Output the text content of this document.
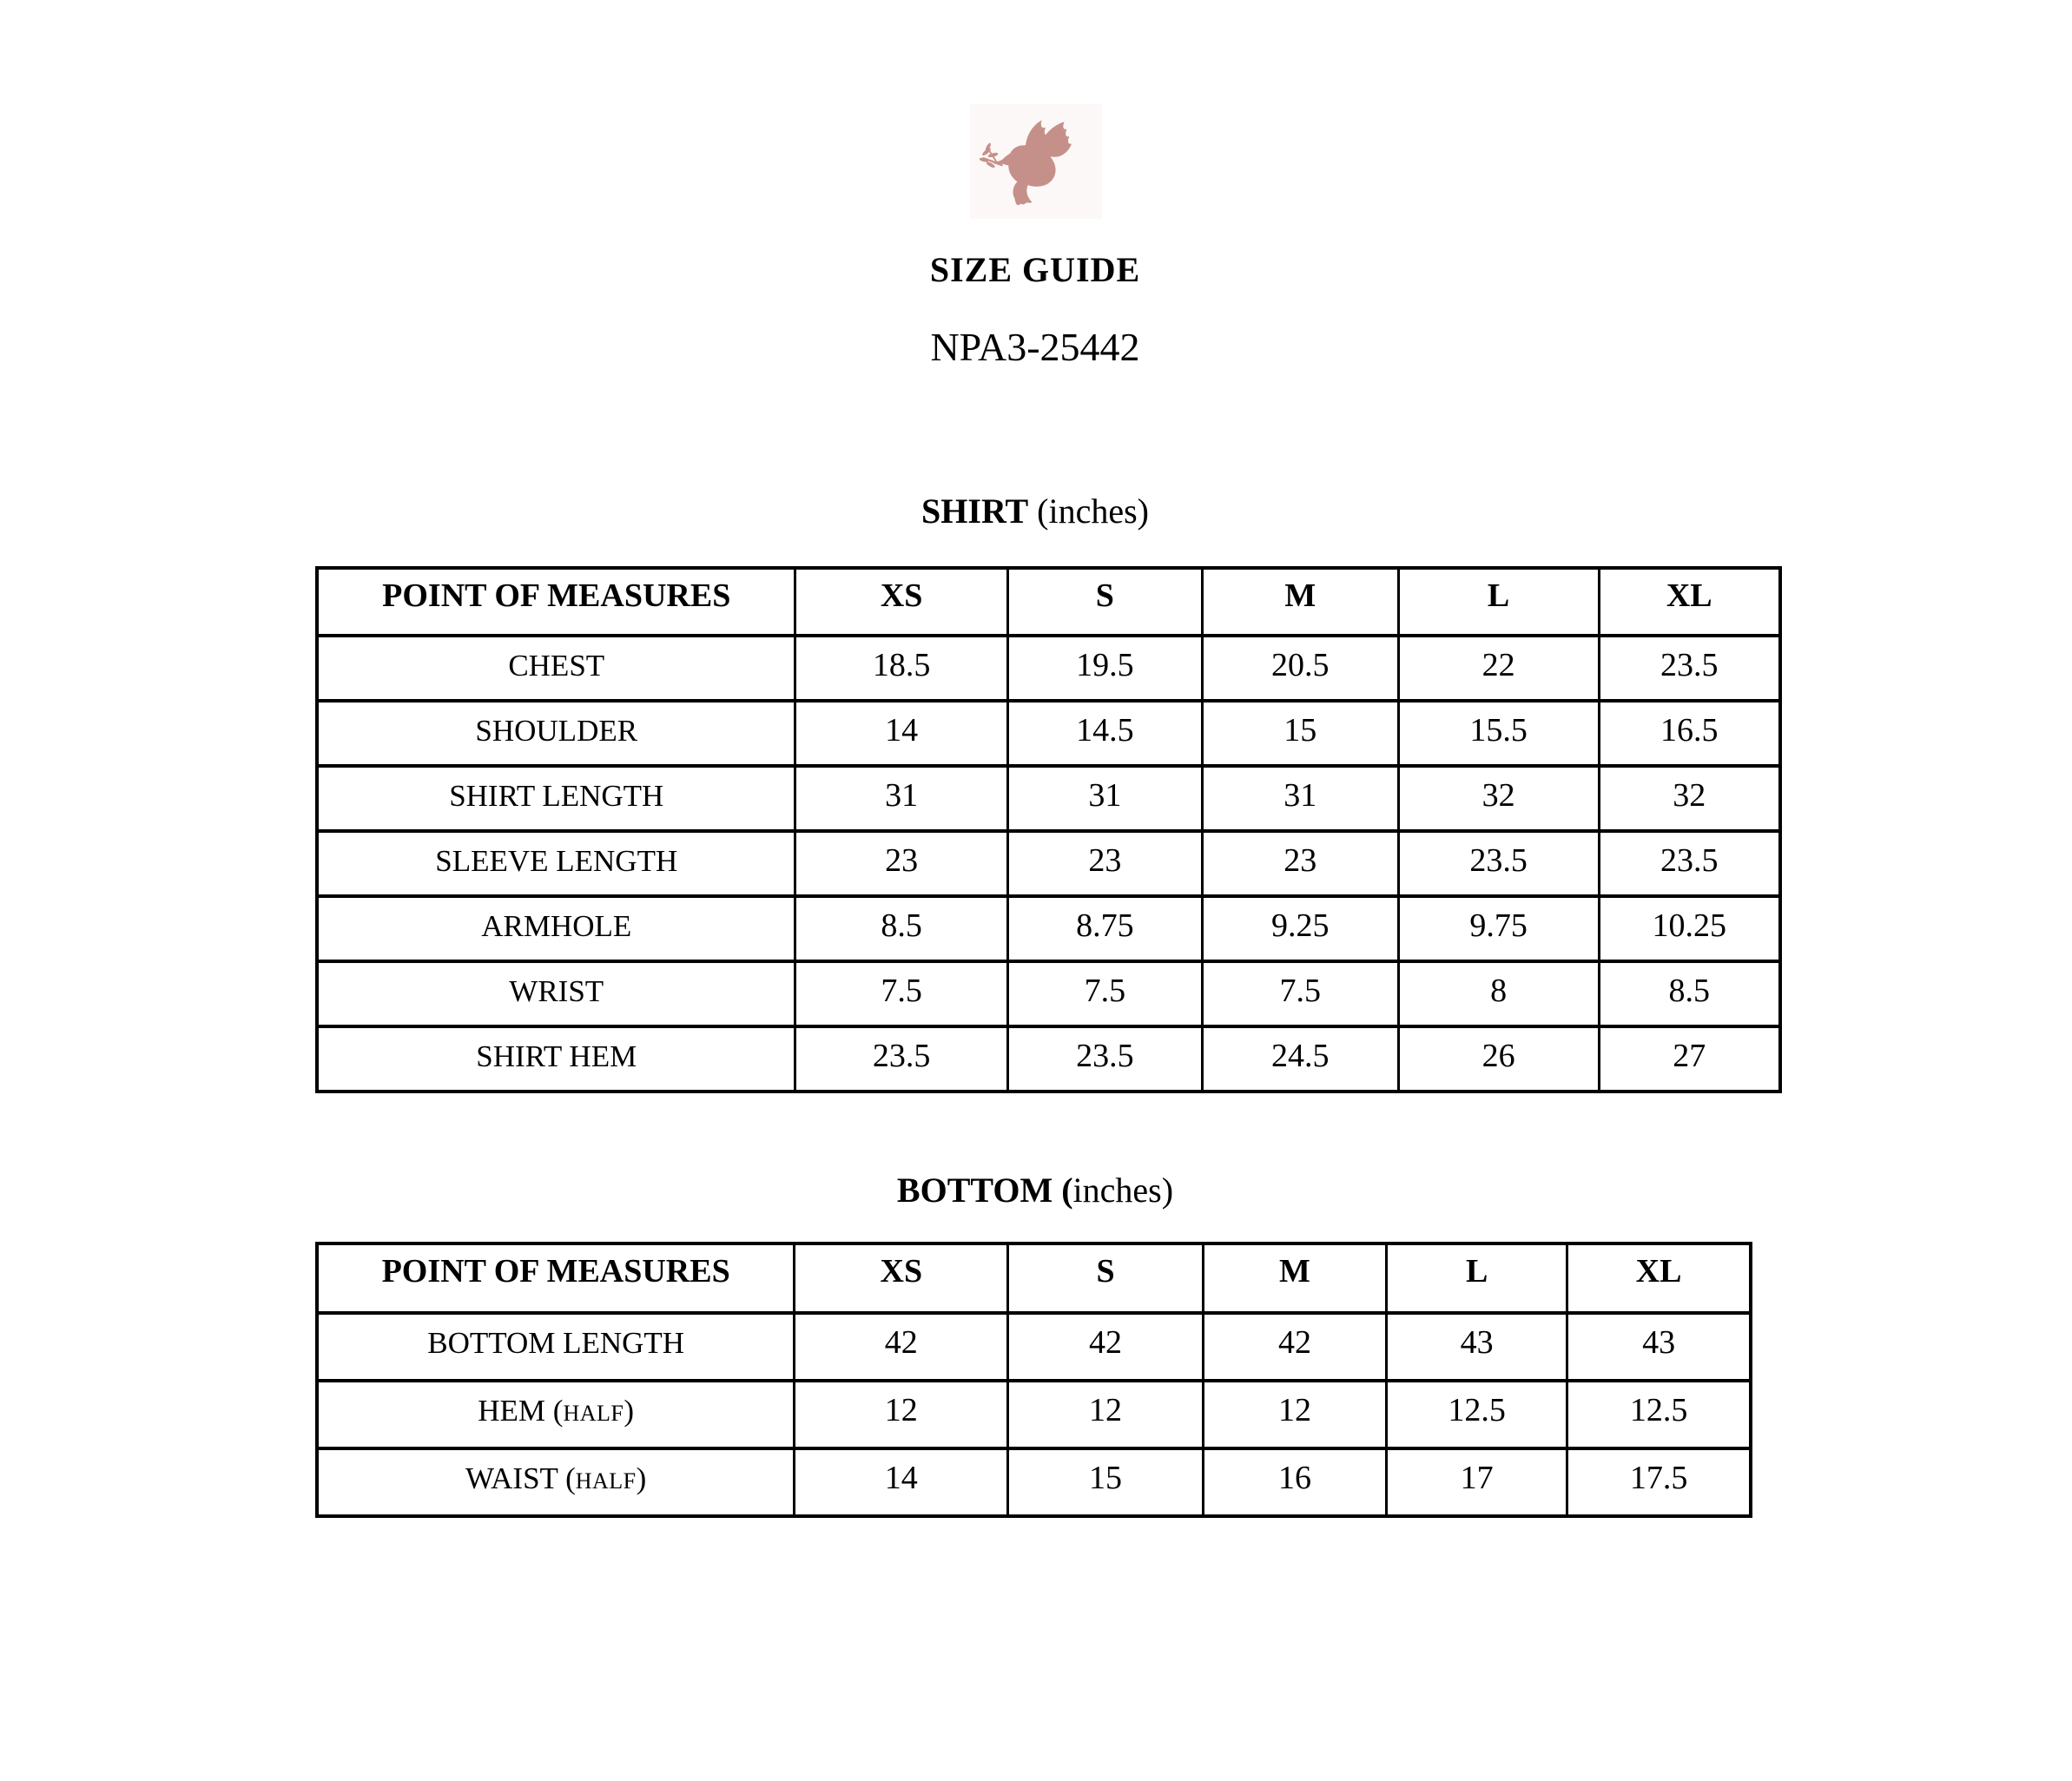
SIZE GUIDE
NPA3-25442
SHIRT (inches)
POINT OF MEASURES	XS	S	M	L	XL
CHEST	18.5	19.5	20.5	22	23.5
SHOULDER	14	14.5	15	15.5	16.5
SHIRT LENGTH	31	31	31	32	32
SLEEVE LENGTH	23	23	23	23.5	23.5
ARMHOLE	8.5	8.75	9.25	9.75	10.25
WRIST	7.5	7.5	7.5	8	8.5
SHIRT HEM	23.5	23.5	24.5	26	27
BOTTOM (inches)
POINT OF MEASURES	XS	S	M	L	XL
BOTTOM LENGTH	42	42	42	43	43
HEM (HALF)	12	12	12	12.5	12.5
WAIST (HALF)	14	15	16	17	17.5
